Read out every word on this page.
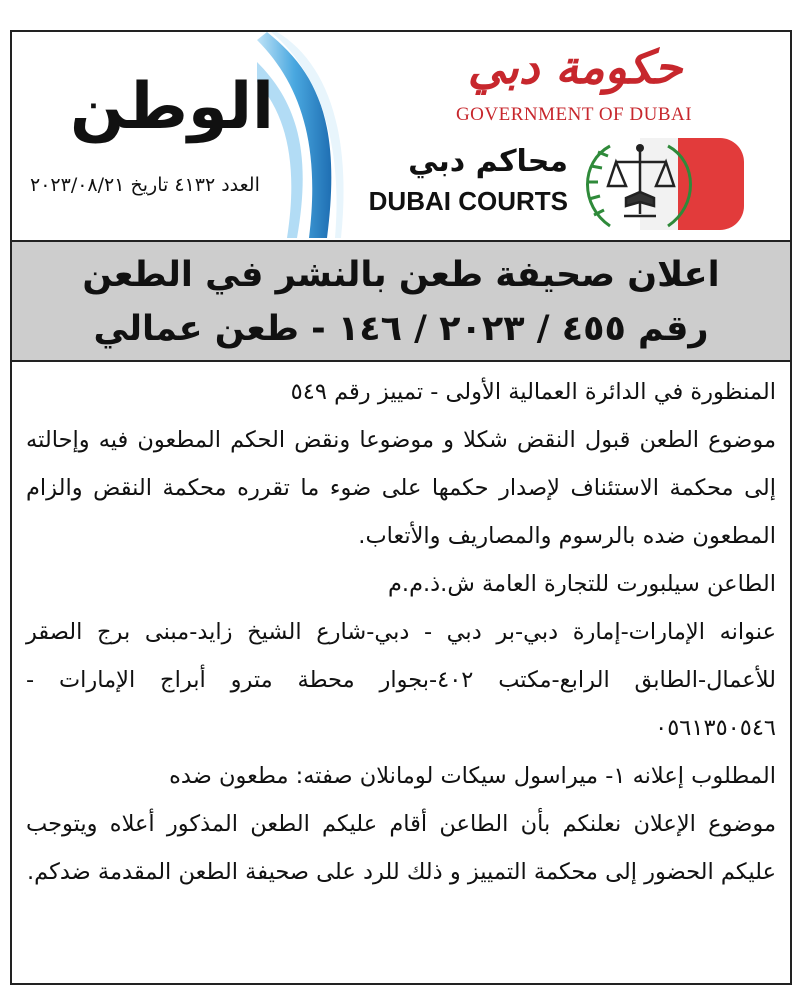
الوطن
العدد ٤١٣٢ تاريخ ٢٠٢٣/٠٨/٢١
حكومة دبي
GOVERNMENT OF DUBAI
محاكم دبي
DUBAI COURTS
اعلان صحيفة طعن بالنشر في الطعن
رقم ٤٥٥ / ٢٠٢٣ / ١٤٦ - طعن عمالي

المنظورة في الدائرة العمالية الأولى - تمييز رقم ٥٤٩

موضوع الطعن قبول النقض شكلا و موضوعا ونقض الحكم المطعون فيه وإحالته إلى محكمة الاستئناف لإصدار حكمها على ضوء ما تقرره محكمة النقض والزام المطعون ضده بالرسوم والمصاريف والأتعاب.

الطاعن سيلبورت للتجارة العامة ش.ذ.م.م

عنوانه الإمارات-إمارة دبي-بر دبي - دبي-شارع الشيخ زايد-مبنى برج الصقر للأعمال-الطابق الرابع-مكتب ٤٠٢-بجوار محطة مترو أبراج الإمارات - ٠٥٦١٣٥٠٥٤٦

المطلوب إعلانه ١- ميراسول سيكات لومانلان صفته: مطعون ضده

موضوع الإعلان نعلنكم بأن الطاعن أقام عليكم الطعن المذكور أعلاه ويتوجب عليكم الحضور إلى محكمة التمييز و ذلك للرد على صحيفة الطعن المقدمة ضدكم.
